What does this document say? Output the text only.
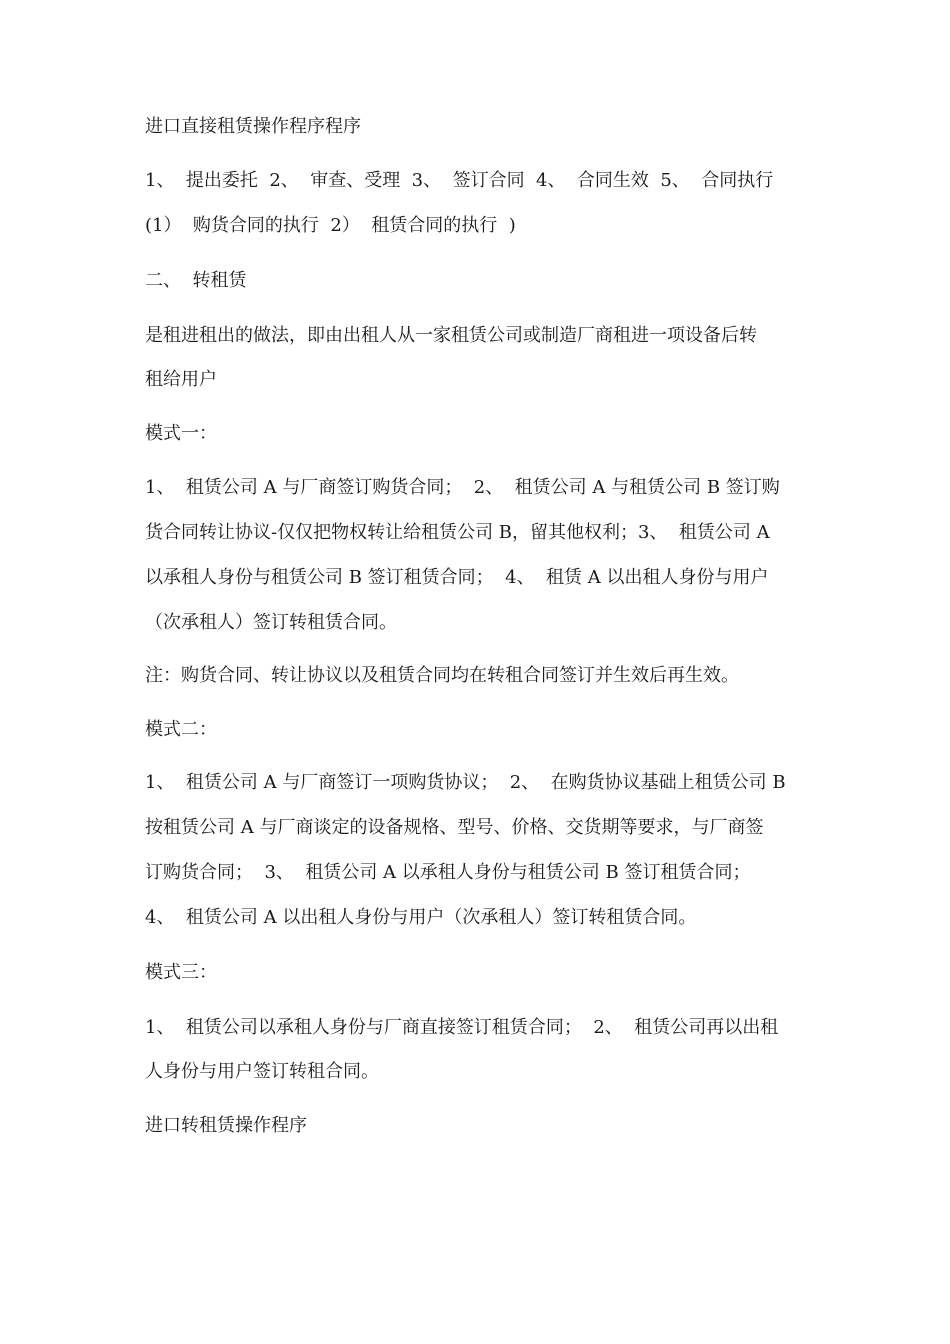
进口直接租赁操作程序程序
1、  提出委托  2、  审查、受理  3、  签订合同  4、  合同生效  5、  合同执行
(1）  购货合同的执行  2）  租赁合同的执行  )
二、  转租赁
是租进租出的做法，即由出租人从一家租赁公司或制造厂商租进一项设备后转
租给用户
模式一：
1、  租赁公司 A 与厂商签订购货合同；  2、  租赁公司 A 与租赁公司 B 签订购
货合同转让协议-仅仅把物权转让给租赁公司 B，留其他权利；3、  租赁公司 A
以承租人身份与租赁公司 B 签订租赁合同；  4、  租赁 A 以出租人身份与用户
（次承租人）签订转租赁合同。
注：购货合同、转让协议以及租赁合同均在转租合同签订并生效后再生效。
模式二：
1、  租赁公司 A 与厂商签订一项购货协议；  2、  在购货协议基础上租赁公司 B
按租赁公司 A 与厂商谈定的设备规格、型号、价格、交货期等要求，与厂商签
订购货合同；  3、  租赁公司 A 以承租人身份与租赁公司 B 签订租赁合同；
4、  租赁公司 A 以出租人身份与用户（次承租人）签订转租赁合同。
模式三：
1、  租赁公司以承租人身份与厂商直接签订租赁合同；  2、  租赁公司再以出租
人身份与用户签订转租合同。
进口转租赁操作程序
